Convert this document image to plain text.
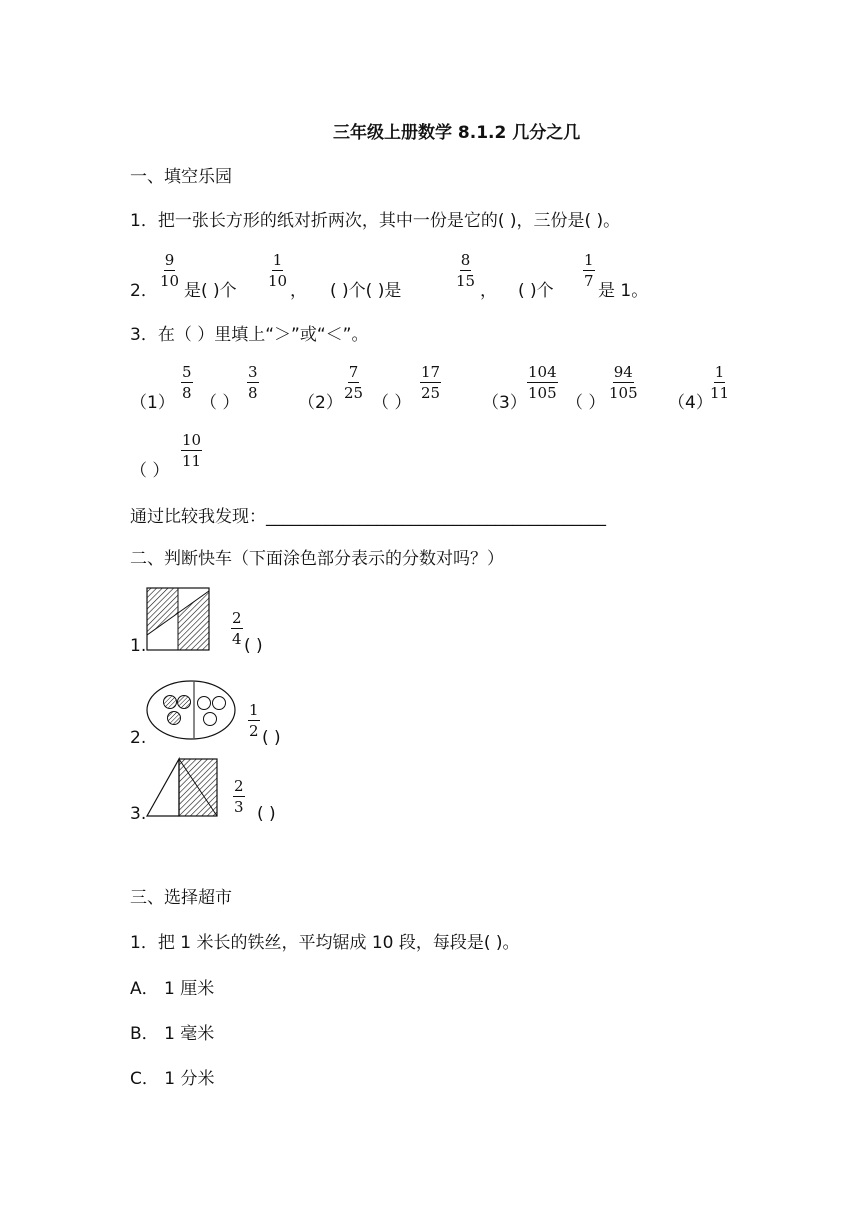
三年级上册数学 8.1.2 几分之几
一、填空乐园
1．把一张长方形的纸对折两次，其中一份是它的( )，三份是( )。
2．
$\frac{9}{10}$
是( )个
$\frac{1}{10}$
， ( )个( )是
$\frac{8}{15}$
， ( )个
$\frac{1}{7}$
是 1。
3．在（ ）里填上“＞”或“＜”。
（1）
$\frac{5}{8}$
（ ）
$\frac{3}{8}$
（2）
$\frac{7}{25}$
（ ）
$\frac{17}{25}$
（3）
$\frac{104}{105}$
（ ）
$\frac{94}{105}$
（4）
$\frac{1}{11}$
（ ）
$\frac{10}{11}$
通过比较我发现：________________________________________
二、判断快车（下面涂色部分表示的分数对吗？）
1.	$\frac{2}{4}$ ( )
2.	$\frac{1}{2}$ ( )
3.	$\frac{2}{3}$ ( )
三、选择超市
1．把 1 米长的铁丝，平均锯成 10 段，每段是( )。
A． 1 厘米
B． 1 毫米
C． 1 分米
